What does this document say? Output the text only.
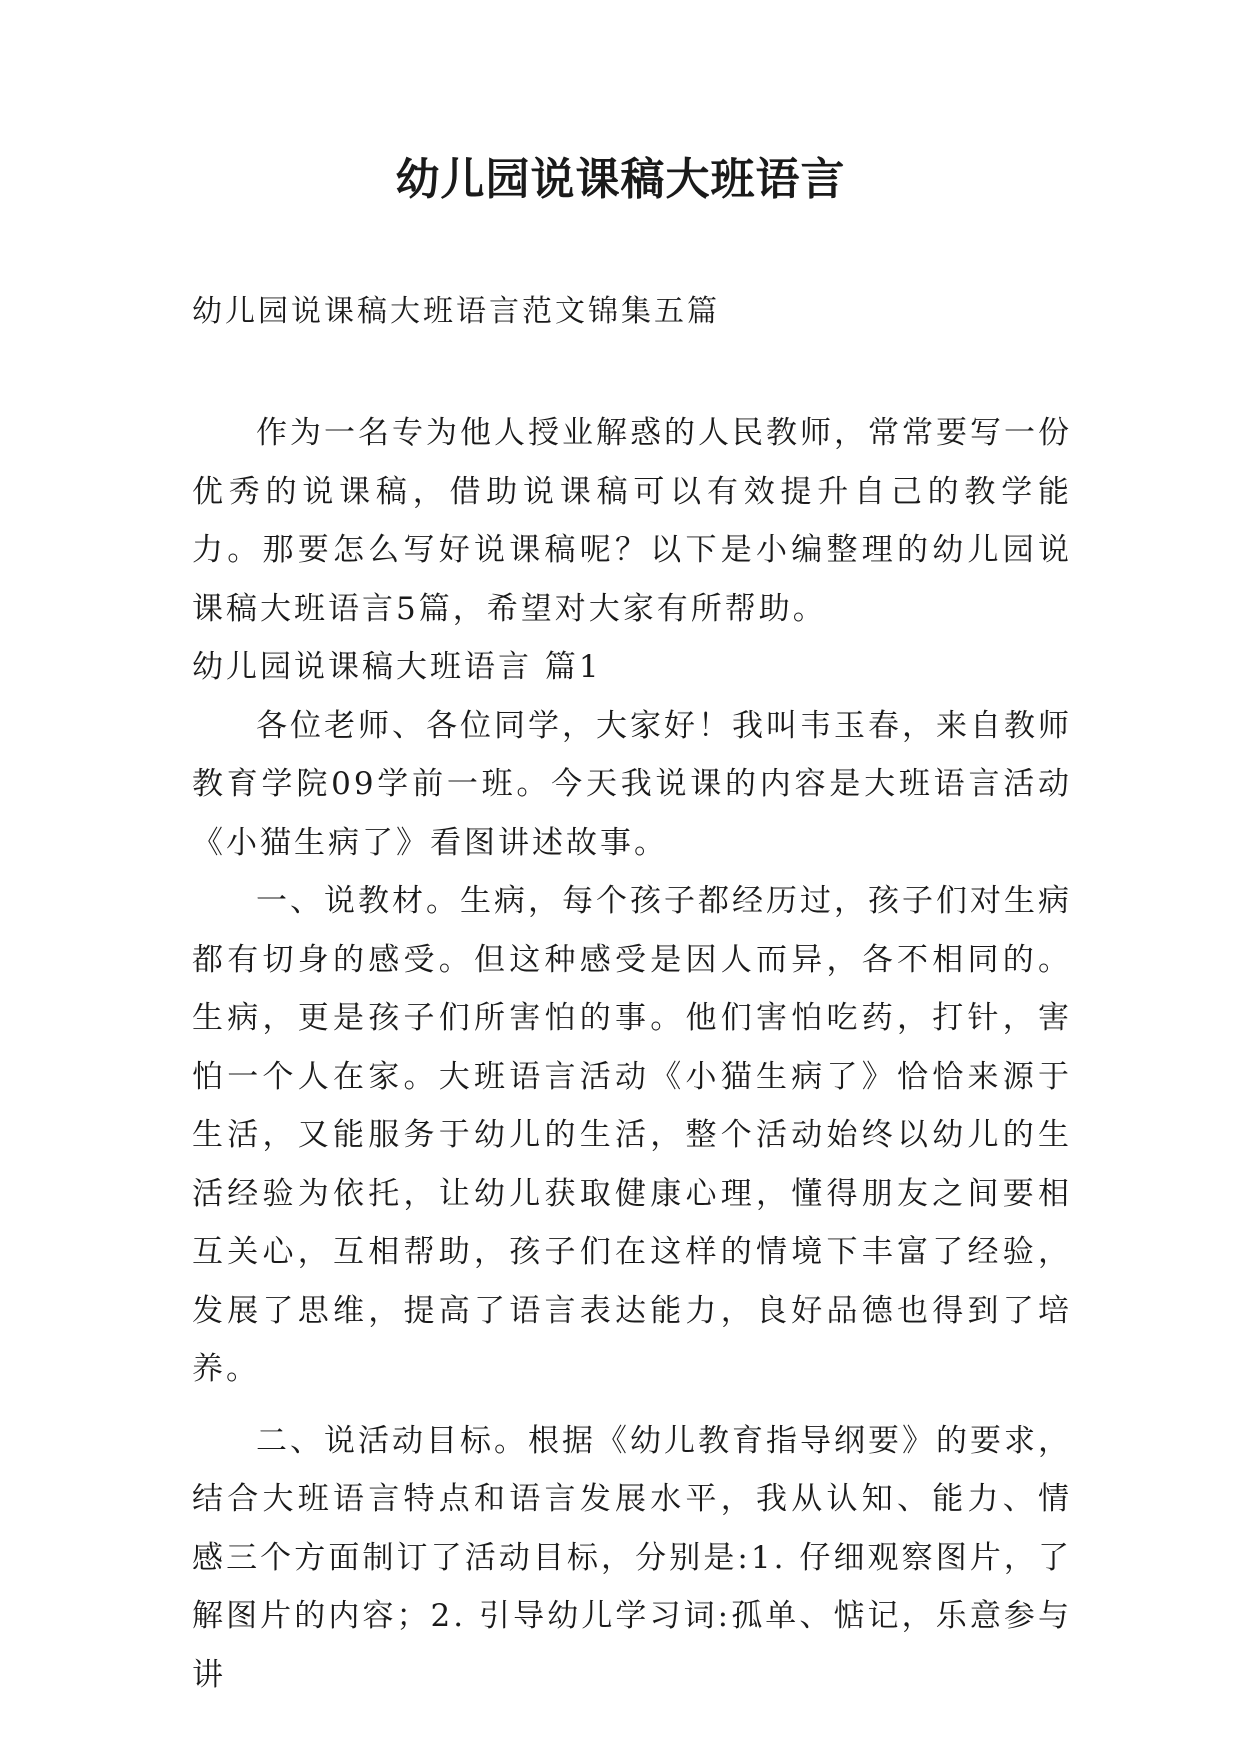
幼儿园说课稿大班语言

幼儿园说课稿大班语言范文锦集五篇

作为一名专为他人授业解惑的人民教师，常常要写一份优秀的说课稿，借助说课稿可以有效提升自己的教学能力。那要怎么写好说课稿呢？以下是小编整理的幼儿园说课稿大班语言5篇，希望对大家有所帮助。

幼儿园说课稿大班语言 篇1

各位老师、各位同学，大家好！我叫韦玉春，来自教师教育学院09学前一班。今天我说课的内容是大班语言活动《小猫生病了》看图讲述故事。

一、说教材。生病，每个孩子都经历过，孩子们对生病都有切身的感受。但这种感受是因人而异，各不相同的。生病，更是孩子们所害怕的事。他们害怕吃药，打针，害怕一个人在家。大班语言活动《小猫生病了》恰恰来源于生活，又能服务于幼儿的生活，整个活动始终以幼儿的生活经验为依托，让幼儿获取健康心理，懂得朋友之间要相互关心，互相帮助，孩子们在这样的情境下丰富了经验，发展了思维，提高了语言表达能力，良好品德也得到了培养。

二、说活动目标。根据《幼儿教育指导纲要》的要求，结合大班语言特点和语言发展水平，我从认知、能力、情感三个方面制订了活动目标，分别是:1. 仔细观察图片，了解图片的内容；2. 引导幼儿学习词:孤单、惦记，乐意参与讲
